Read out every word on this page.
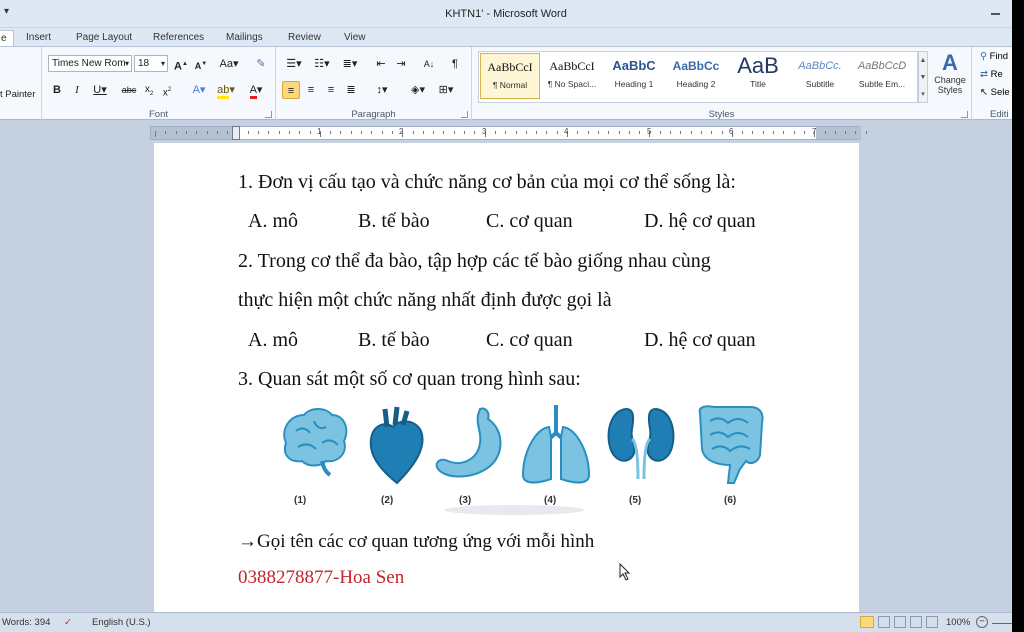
▾	KHTN1' - Microsoft Word
e	Insert	Page Layout	References	Mailings	Review	View
t Painter
Times New Rom ▾ 18 ▾ A▲ A▼ Aa▾	✎
B	I	U▾	abc $x_2$ $x^2$	A▾	ab▾	A▾
Font
☰▾	☷▾	≣▾	⇤ ⇥	A↓	¶
≡	≡	≡	≣	↕▾	◈▾	⊞▾
Paragraph
AaBbCcI
¶ Normal
AaBbCcI
¶ No Spaci...
AaBbC
Heading 1
AaBbCc
Heading 2
AaB
Title
AaBbCc.
Subtitle
AaBbCcD
Subtle Em...
▲
▼
▾
A
Change
Styles
Styles
⚲ Find
⇄ Re
↖ Sele
Editi
1	2	3	4	5	6	7
1. Đơn vị cấu tạo và chức năng cơ bản của mọi cơ thể sống là:
A. mô	B. tế bào	C. cơ quan	D. hệ cơ quan
2. Trong cơ thể đa bào, tập hợp các tế bào giống nhau cùng
thực hiện một chức năng nhất định được gọi là
A. mô	B. tế bào	C. cơ quan	D. hệ cơ quan
3. Quan sát một số cơ quan trong hình sau:
(1)	(2)	(3)	(4)	(5)	(6)
→Gọi tên các cơ quan tương ứng với mỗi hình
0388278877-Hoa Sen
Words: 394 ✓ English (U.S.)	100% −
